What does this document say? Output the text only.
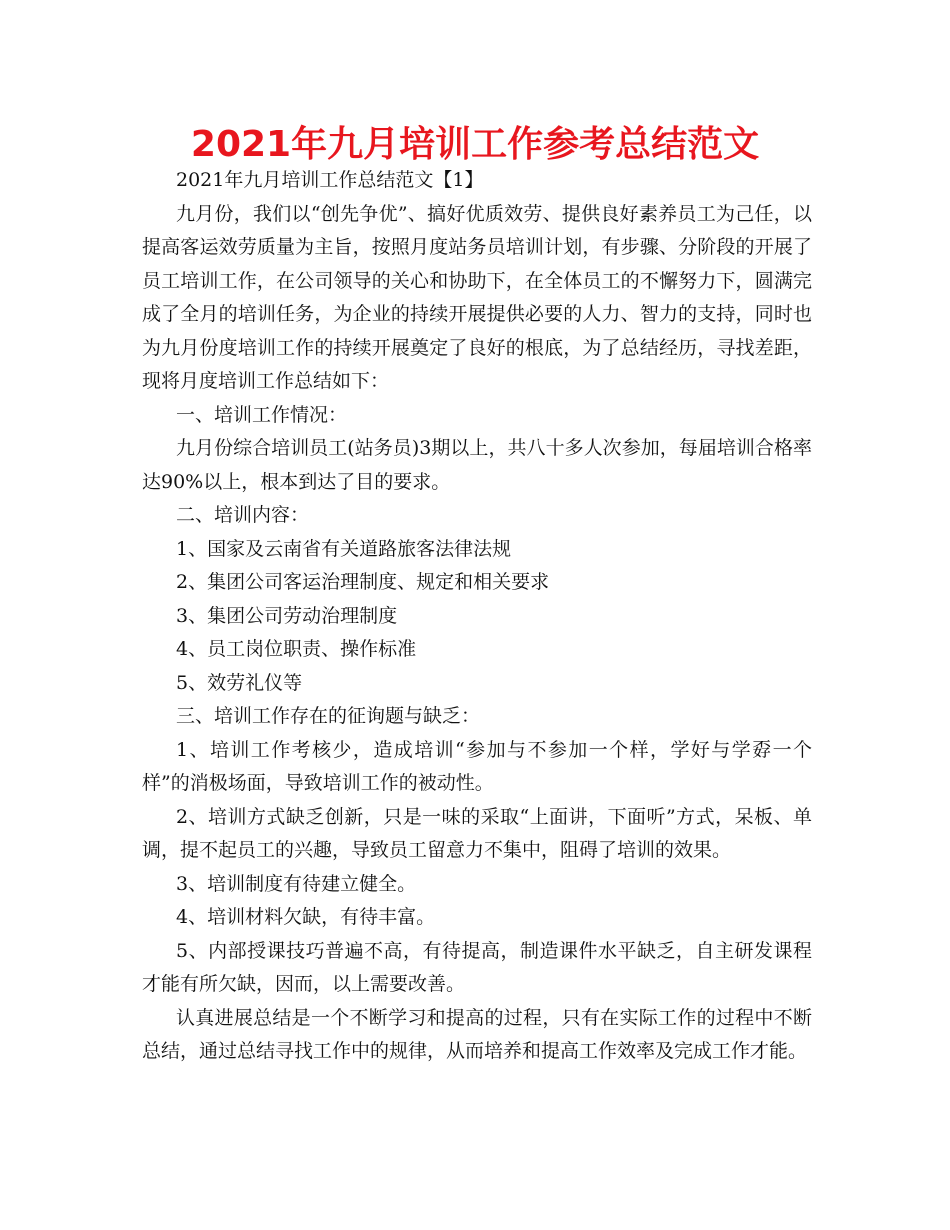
2021年九月培训工作参考总结范文

2021年九月培训工作总结范文【1】

九月份，我们以“创先争优”、搞好优质效劳、提供良好素养员工为己任，以提高客运效劳质量为主旨，按照月度站务员培训计划，有步骤、分阶段的开展了员工培训工作，在公司领导的关心和协助下，在全体员工的不懈努力下，圆满完成了全月的培训任务，为企业的持续开展提供必要的人力、智力的支持，同时也为九月份度培训工作的持续开展奠定了良好的根底，为了总结经历，寻找差距，现将月度培训工作总结如下：

一、培训工作情况：

九月份综合培训员工(站务员)3期以上，共八十多人次参加，每届培训合格率达90%以上，根本到达了目的要求。

二、培训内容：

1、国家及云南省有关道路旅客法律法规

2、集团公司客运治理制度、规定和相关要求

3、集团公司劳动治理制度

4、员工岗位职责、操作标准

5、效劳礼仪等

三、培训工作存在的征询题与缺乏：

1、培训工作考核少，造成培训“参加与不参加一个样，学好与学孬一个样”的消极场面，导致培训工作的被动性。

2、培训方式缺乏创新，只是一味的采取“上面讲，下面听”方式，呆板、单调，提不起员工的兴趣，导致员工留意力不集中，阻碍了培训的效果。

3、培训制度有待建立健全。

4、培训材料欠缺，有待丰富。

5、内部授课技巧普遍不高，有待提高，制造课件水平缺乏，自主研发课程才能有所欠缺，因而，以上需要改善。

认真进展总结是一个不断学习和提高的过程，只有在实际工作的过程中不断总结，通过总结寻找工作中的规律，从而培养和提高工作效率及完成工作才能。
